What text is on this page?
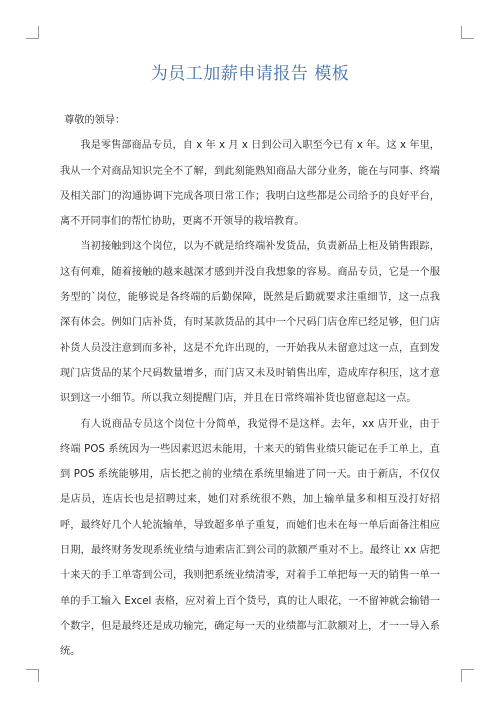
为员工加薪申请报告 模板

尊敬的领导：

我是零售部商品专员，自 x 年 x 月 x 日到公司入职至今已有 x 年。这 x 年里，我从一个对商品知识完全不了解，到此刻能熟知商品大部分业务，能在与同事、终端及相关部门的沟通协调下完成各项日常工作；我明白这些都是公司给予的良好平台，离不开同事们的帮忙协助，更离不开领导的栽培教育。

当初接触到这个岗位，以为不就是给终端补发货品，负责新品上柜及销售跟踪，这有何难，随着接触的越来越深才感到并没自我想象的容易。商品专员，它是一个服务型的`岗位，能够说是各终端的后勤保障，既然是后勤就要求注重细节，这一点我深有体会。例如门店补货，有时某款货品的其中一个尺码门店仓库已经足够，但门店补货人员没注意到而多补，这是不允许出现的，一开始我从未留意过这一点，直到发现门店货品的某个尺码数量增多，而门店又未及时销售出库，造成库存积压，这才意识到这一小细节。所以我立刻提醒门店，并且在日常终端补货也留意起这一点。

有人说商品专员这个岗位十分简单，我觉得不是这样。去年，xx 店开业，由于终端 POS 系统因为一些因素迟迟未能用，十来天的销售业绩只能记在手工单上，直到 POS 系统能够用，店长把之前的业绩在系统里输进了同一天。由于新店，不仅仅是店员，连店长也是招聘过来，她们对系统很不熟，加上输单量多和相互没打好招呼，最终好几个人轮流输单，导致超多单子重复，而她们也未在每一单后面备注相应日期，最终财务发现系统业绩与迪索店汇到公司的款额严重对不上。最终让 xx 店把十来天的手工单寄到公司，我则把系统业绩清零，对着手工单把每一天的销售一单一单的手工输入 Excel 表格，应对着上百个货号，真的让人眼花，一不留神就会输错一个数字，但是最终还是成功输完，确定每一天的业绩都与汇款额对上，才一一导入系统。
